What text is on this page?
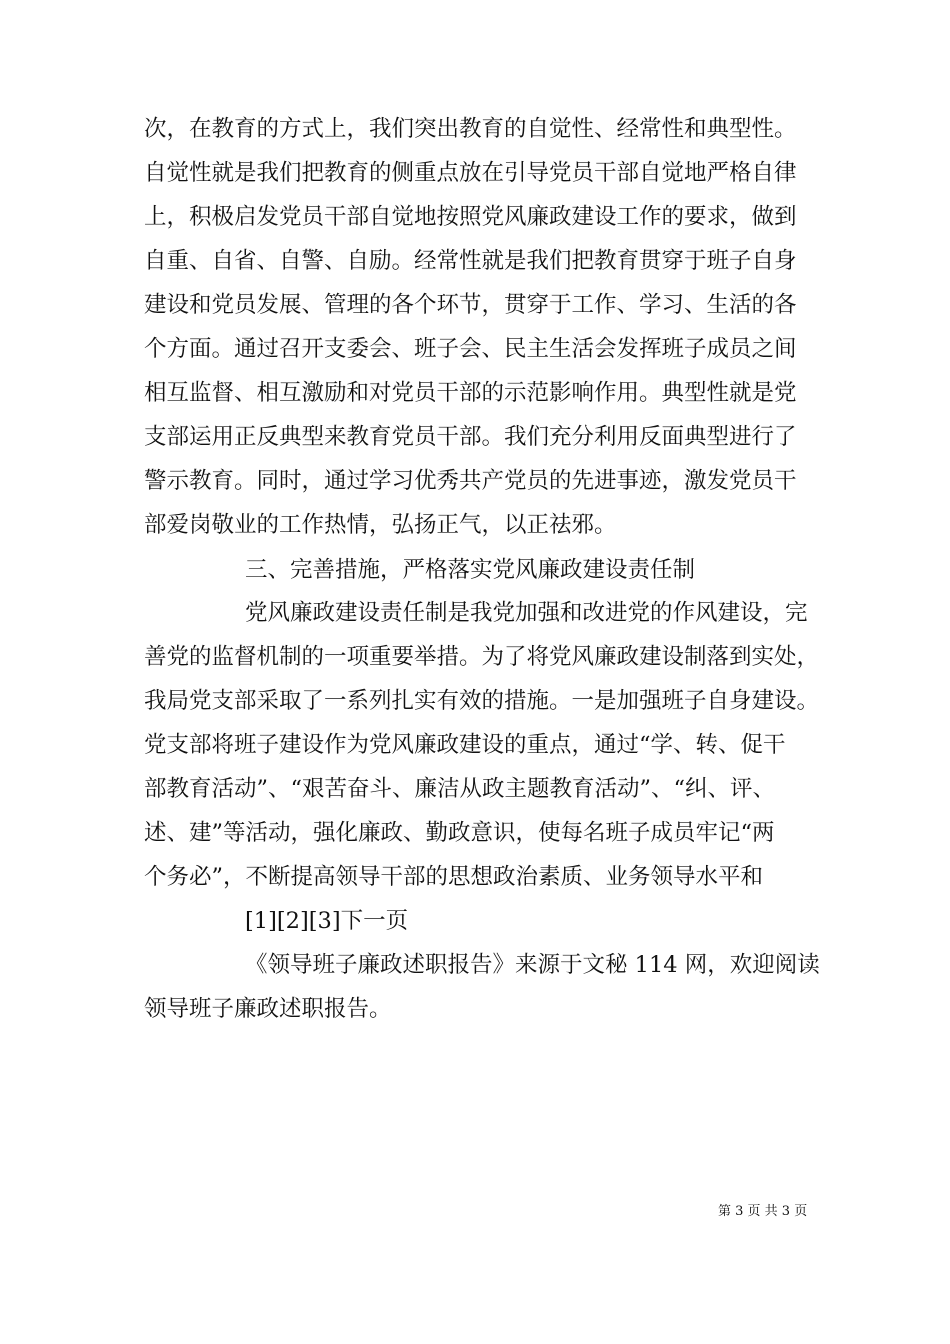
次，在教育的方式上，我们突出教育的自觉性、经常性和典型性。
自觉性就是我们把教育的侧重点放在引导党员干部自觉地严格自律
上，积极启发党员干部自觉地按照党风廉政建设工作的要求，做到
自重、自省、自警、自励。经常性就是我们把教育贯穿于班子自身
建设和党员发展、管理的各个环节，贯穿于工作、学习、生活的各
个方面。通过召开支委会、班子会、民主生活会发挥班子成员之间
相互监督、相互激励和对党员干部的示范影响作用。典型性就是党
支部运用正反典型来教育党员干部。我们充分利用反面典型进行了
警示教育。同时，通过学习优秀共产党员的先进事迹，激发党员干
部爱岗敬业的工作热情，弘扬正气，以正祛邪。
三、完善措施，严格落实党风廉政建设责任制
党风廉政建设责任制是我党加强和改进党的作风建设，完
善党的监督机制的一项重要举措。为了将党风廉政建设制落到实处，
我局党支部采取了一系列扎实有效的措施。一是加强班子自身建设。
党支部将班子建设作为党风廉政建设的重点，通过“学、转、促干
部教育活动”、“艰苦奋斗、廉洁从政主题教育活动”、“纠、评、
述、建”等活动，强化廉政、勤政意识，使每名班子成员牢记“两
个务必”，不断提高领导干部的思想政治素质、业务领导水平和
[1][2][3]下一页
《领导班子廉政述职报告》来源于文秘 114 网，欢迎阅读
领导班子廉政述职报告。
第 3 页 共 3 页
